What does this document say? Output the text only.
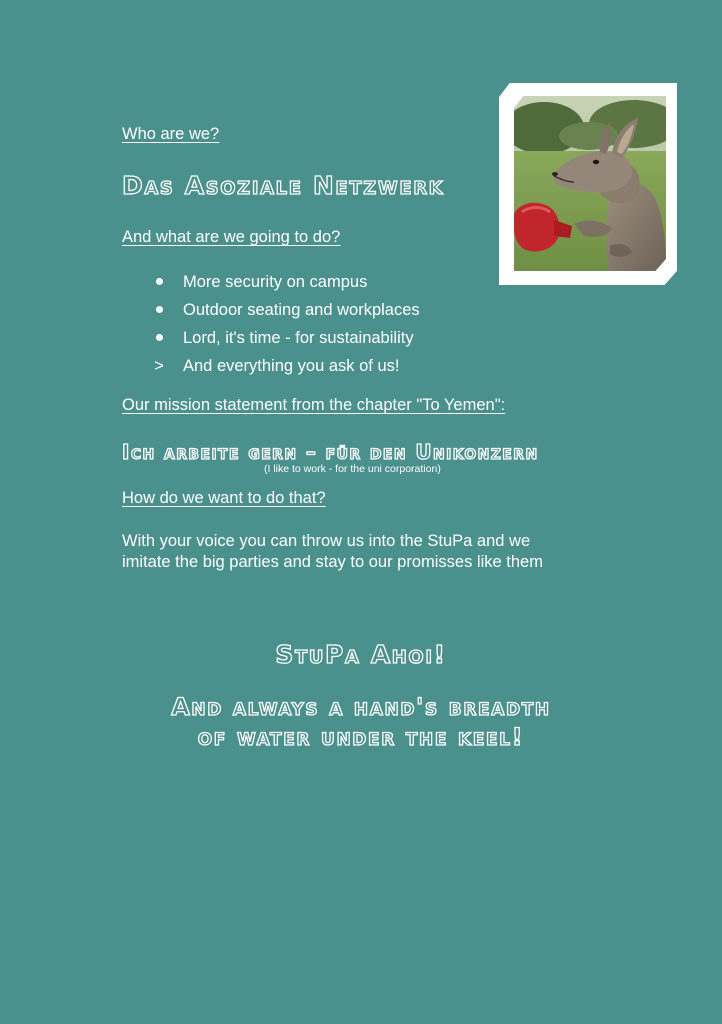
Who are we?
Das Asoziale Netzwerk
And what are we going to do?
More security on campus
Outdoor seating and workplaces
Lord, it's time - for sustainability
> And everything you ask of us!
Our mission statement from the chapter "To Yemen":
Ich arbeite gern – für den Unikonzern
(I like to work - for the uni corporation)
How do we want to do that?
With your voice you can throw us into the StuPa and we
imitate the big parties and stay to our promisses like them
StuPa Ahoi!
And always a hand's breadth
of water under the keel!
